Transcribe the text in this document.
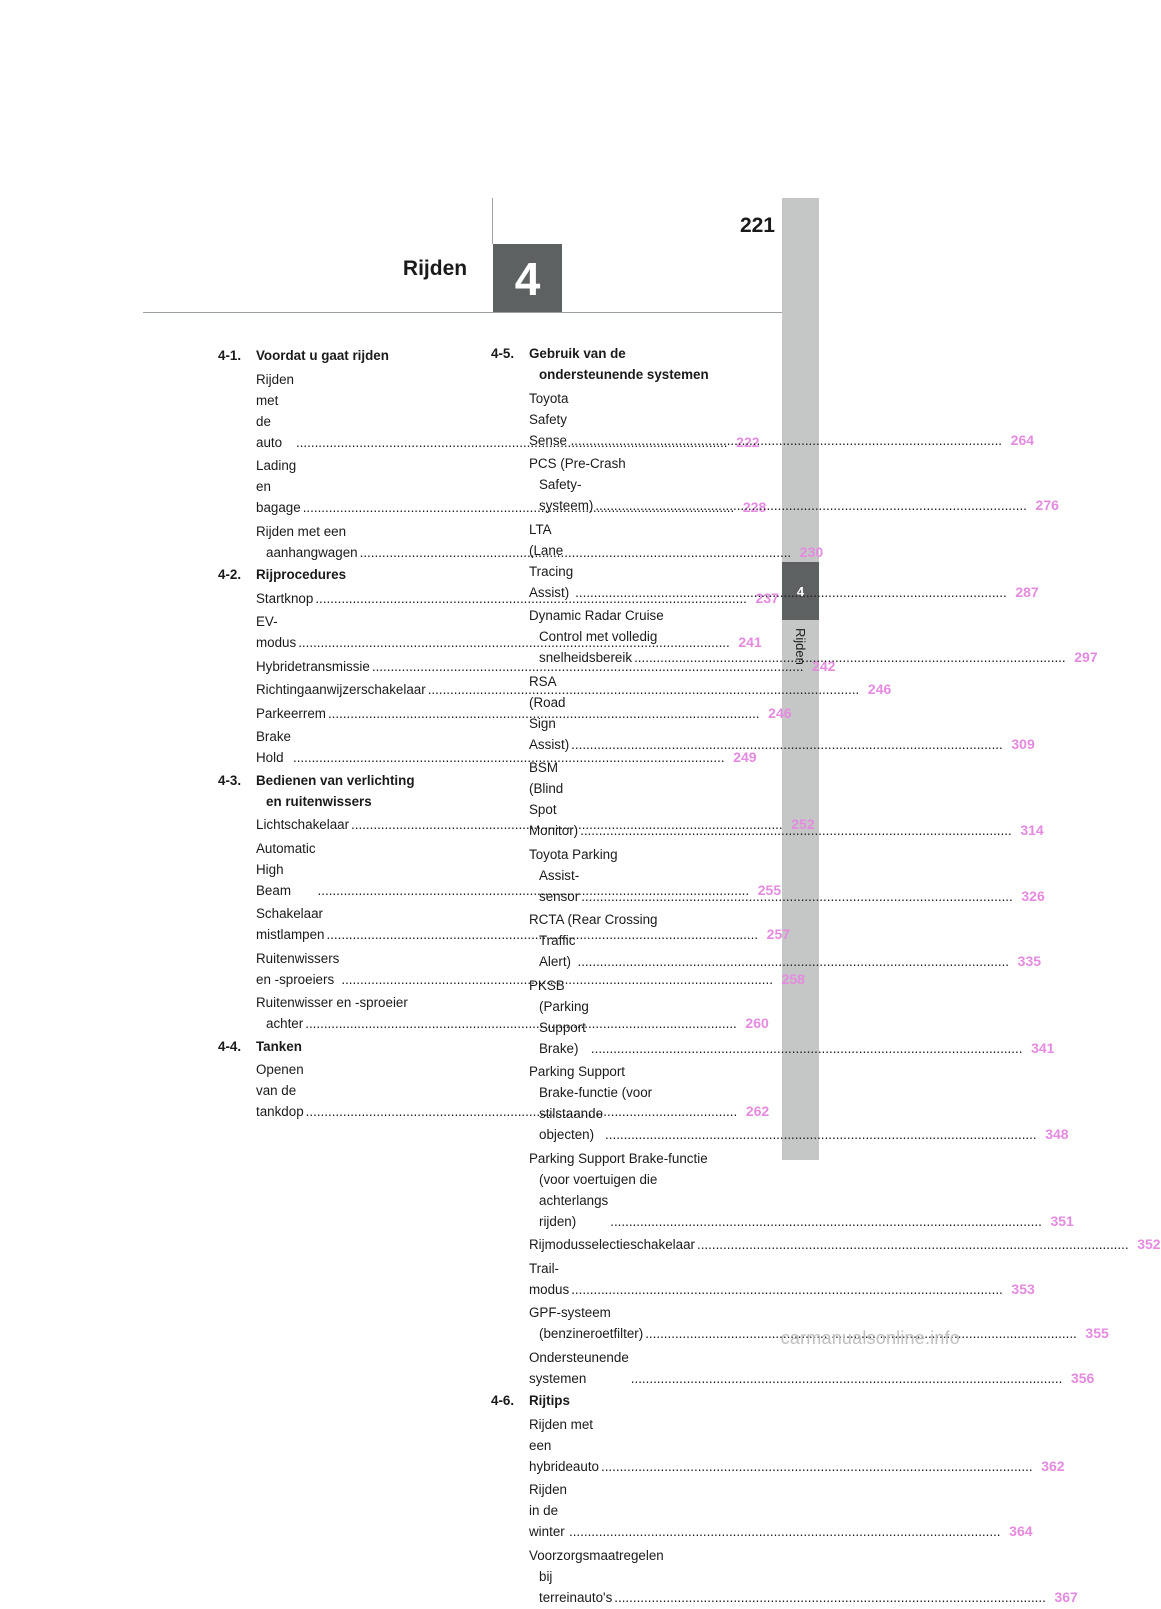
221
Rijden	4
4
Rijden
4-1. Voordat u gaat rijden
Rijden met de auto .....	222
Lading en bagage .....	228
Rijden met een
aanhangwagen .....	230
4-2. Rijprocedures
Startknop .....	237
EV-modus .....	241
Hybridetransmissie .....	242
Richtingaanwijzerschakelaar .....	246
Parkeerrem .....	246
Brake Hold .....	249
4-3. Bedienen van verlichting
en ruitenwissers
Lichtschakelaar .....	252
Automatic High Beam .....	255
Schakelaar mistlampen .....	257
Ruitenwissers en -sproeiers .....	258
Ruitenwisser en -sproeier
achter .....	260
4-4. Tanken
Openen van de tankdop .....	262
4-5. Gebruik van de
ondersteunende systemen
Toyota Safety Sense .....	264
PCS (Pre-Crash
Safety-systeem) .....	276
LTA (Lane Tracing Assist) .....	287
Dynamic Radar Cruise
Control met volledig
snelheidsbereik .....	297
RSA (Road Sign Assist) .....	309
BSM (Blind Spot Monitor) .....	314
Toyota Parking
Assist-sensor .....	326
RCTA (Rear Crossing
Traffic Alert) .....	335
PKSB
(Parking Support Brake) .....	341
Parking Support
Brake-functie (voor
stilstaande objecten) .....	348
Parking Support Brake-functie
(voor voertuigen die
achterlangs rijden) .....	351
Rijmodusselectieschakelaar .....	352
Trail-modus .....	353
GPF-systeem
(benzineroetfilter) .....	355
Ondersteunende systemen .....	356
4-6. Rijtips
Rijden met een hybrideauto .....	362
Rijden in de winter .....	364
Voorzorgsmaatregelen
bij terreinauto's .....	367
carmanualsonline.info
